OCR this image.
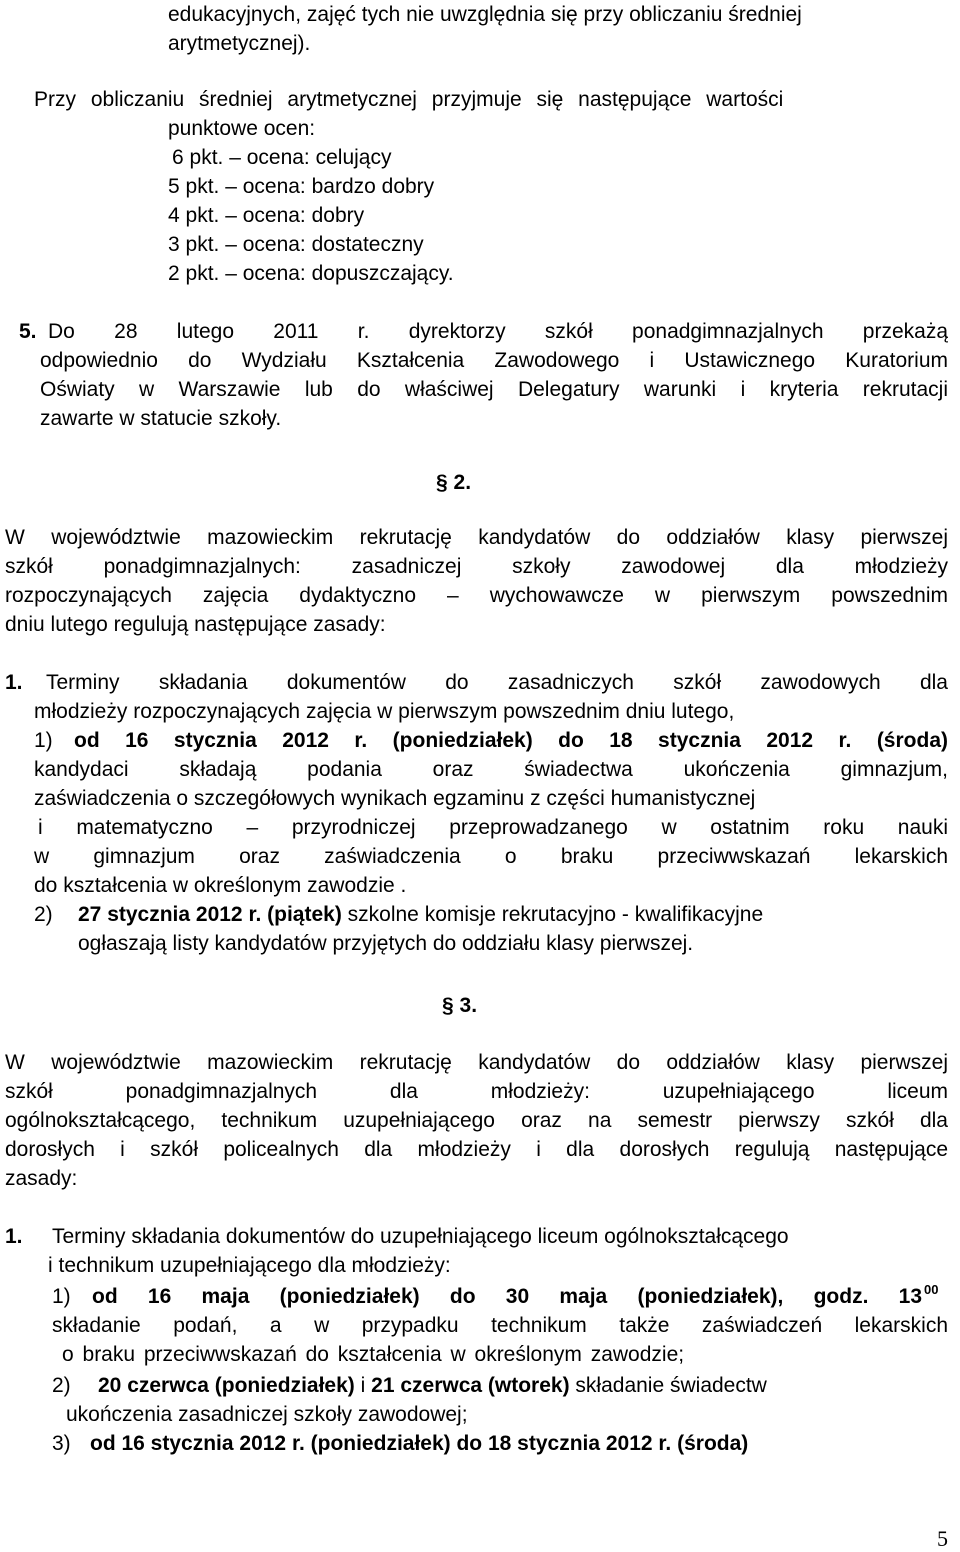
edukacyjnych, zajęć tych nie uwzględnia się przy obliczaniu średniej
arytmetycznej).
Przy obliczaniu średniej arytmetycznej przyjmuje się następujące wartości
punktowe ocen:
6 pkt. – ocena: celujący
5 pkt. – ocena: bardzo dobry
4 pkt. – ocena: dobry
3 pkt. – ocena: dostateczny
2 pkt. – ocena: dopuszczający.
5. Do 28 lutego 2011 r. dyrektorzy szkół ponadgimnazjalnych przekażą
odpowiednio do Wydziału Kształcenia Zawodowego i Ustawicznego Kuratorium
Oświaty w Warszawie lub do właściwej Delegatury warunki i kryteria rekrutacji
zawarte w statucie szkoły.
§ 2.
W województwie mazowieckim rekrutację kandydatów do oddziałów klasy pierwszej
szkół ponadgimnazjalnych: zasadniczej szkoły zawodowej dla młodzieży
rozpoczynających zajęcia dydaktyczno – wychowawcze w pierwszym powszednim
dniu lutego regulują następujące zasady:
1. Terminy składania dokumentów do zasadniczych szkół zawodowych dla
młodzieży rozpoczynających zajęcia w pierwszym powszednim dniu lutego,
1) od 16 stycznia 2012 r. (poniedziałek) do 18 stycznia 2012 r. (środa)
kandydaci składają podania oraz świadectwa ukończenia gimnazjum,
zaświadczenia o szczegółowych wynikach egzaminu z części humanistycznej
i matematyczno – przyrodniczej przeprowadzanego w ostatnim roku nauki
w gimnazjum oraz zaświadczenia o braku przeciwwskazań lekarskich
do kształcenia w określonym zawodzie .
2) 27 stycznia 2012 r. (piątek) szkolne komisje rekrutacyjno - kwalifikacyjne
ogłaszają listy kandydatów przyjętych do oddziału klasy pierwszej.
§ 3.
W województwie mazowieckim rekrutację kandydatów do oddziałów klasy pierwszej
szkół ponadgimnazjalnych dla młodzieży: uzupełniającego liceum
ogólnokształcącego, technikum uzupełniającego oraz na semestr pierwszy szkół dla
dorosłych i szkół policealnych dla młodzieży i dla dorosłych regulują następujące
zasady:
1. Terminy składania dokumentów do uzupełniającego liceum ogólnokształcącego
i technikum uzupełniającego dla młodzieży:
1) od 16 maja (poniedziałek) do 30 maja (poniedziałek), godz. 13 $^{00}$
składanie podań, a w przypadku technikum także zaświadczeń lekarskich
o braku przeciwwskazań do kształcenia w określonym zawodzie;
2) 20 czerwca (poniedziałek) i 21 czerwca (wtorek) składanie świadectw
ukończenia zasadniczej szkoły zawodowej;
3) od 16 stycznia 2012 r. (poniedziałek) do 18 stycznia 2012 r. (środa)
5
